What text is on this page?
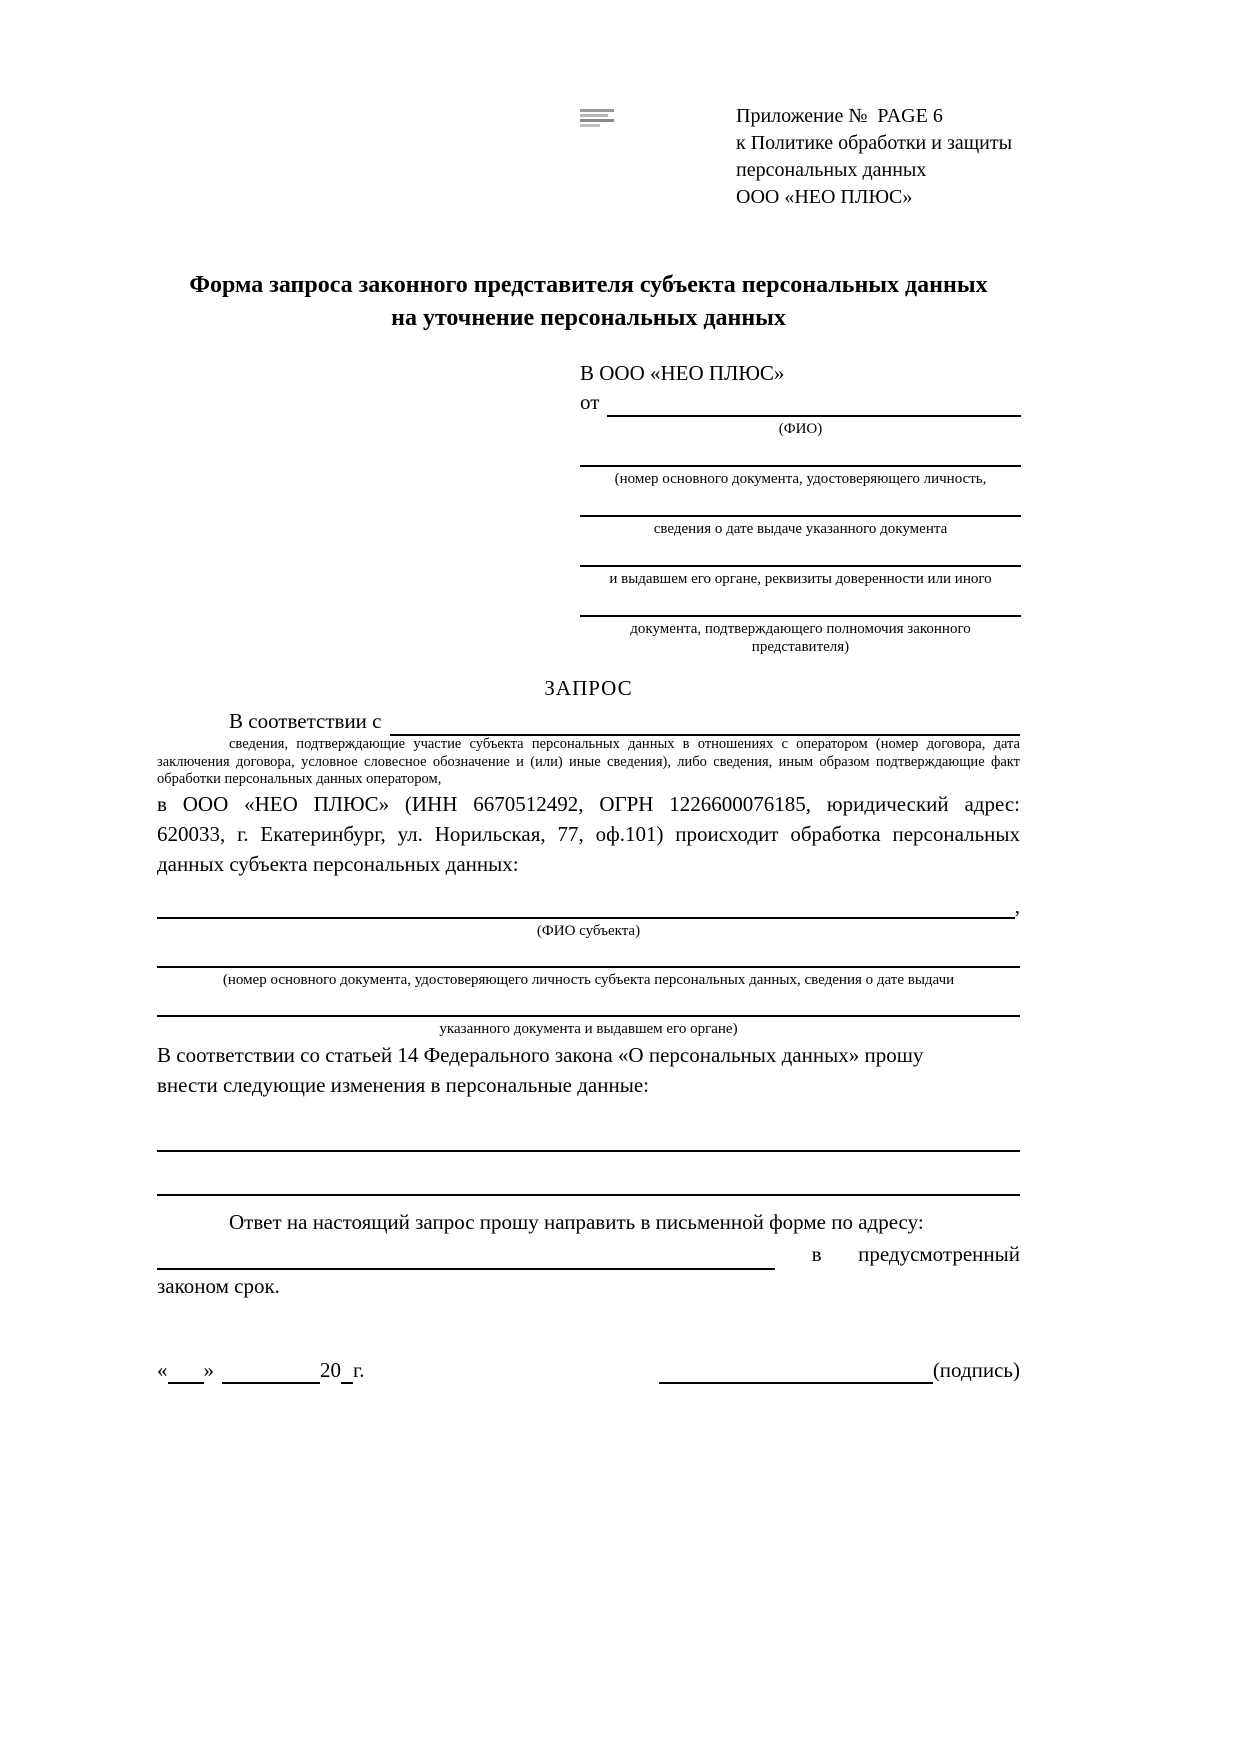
Приложение №  PAGE 6
к Политике обработки и защиты
персональных данных
ООО «НЕО ПЛЮС»
Форма запроса законного представителя субъекта персональных данных
на уточнение персональных данных
В ООО «НЕО ПЛЮС»
от
(ФИО)
(номер основного документа, удостоверяющего личность,
сведения о дате выдаче указанного документа
и выдавшем его органе, реквизиты доверенности или иного
документа, подтверждающего полномочия законного представителя)
ЗАПРОС
В соответствии с
сведения, подтверждающие участие субъекта персональных данных в отношениях с оператором (номер договора, дата
заключения договора, условное словесное обозначение и (или) иные сведения), либо сведения, иным образом подтверждающие факт
обработки персональных данных оператором,
в ООО «НЕО ПЛЮС» (ИНН 6670512492, ОГРН 1226600076185, юридический адрес:
620033, г. Екатеринбург, ул. Норильская, 77, оф.101) происходит обработка персональных
данных субъекта персональных данных:
,
(ФИО субъекта)
(номер основного документа, удостоверяющего личность субъекта персональных данных, сведения о дате выдачи
указанного документа и выдавшем его органе)
В соответствии со статьей 14 Федерального закона «О персональных данных» прошу
внести следующие изменения в персональные данные:
Ответ на настоящий запрос прошу направить в письменной форме по адресу:
в предусмотренный
законом срок.
« »	20 г.	(подпись)
